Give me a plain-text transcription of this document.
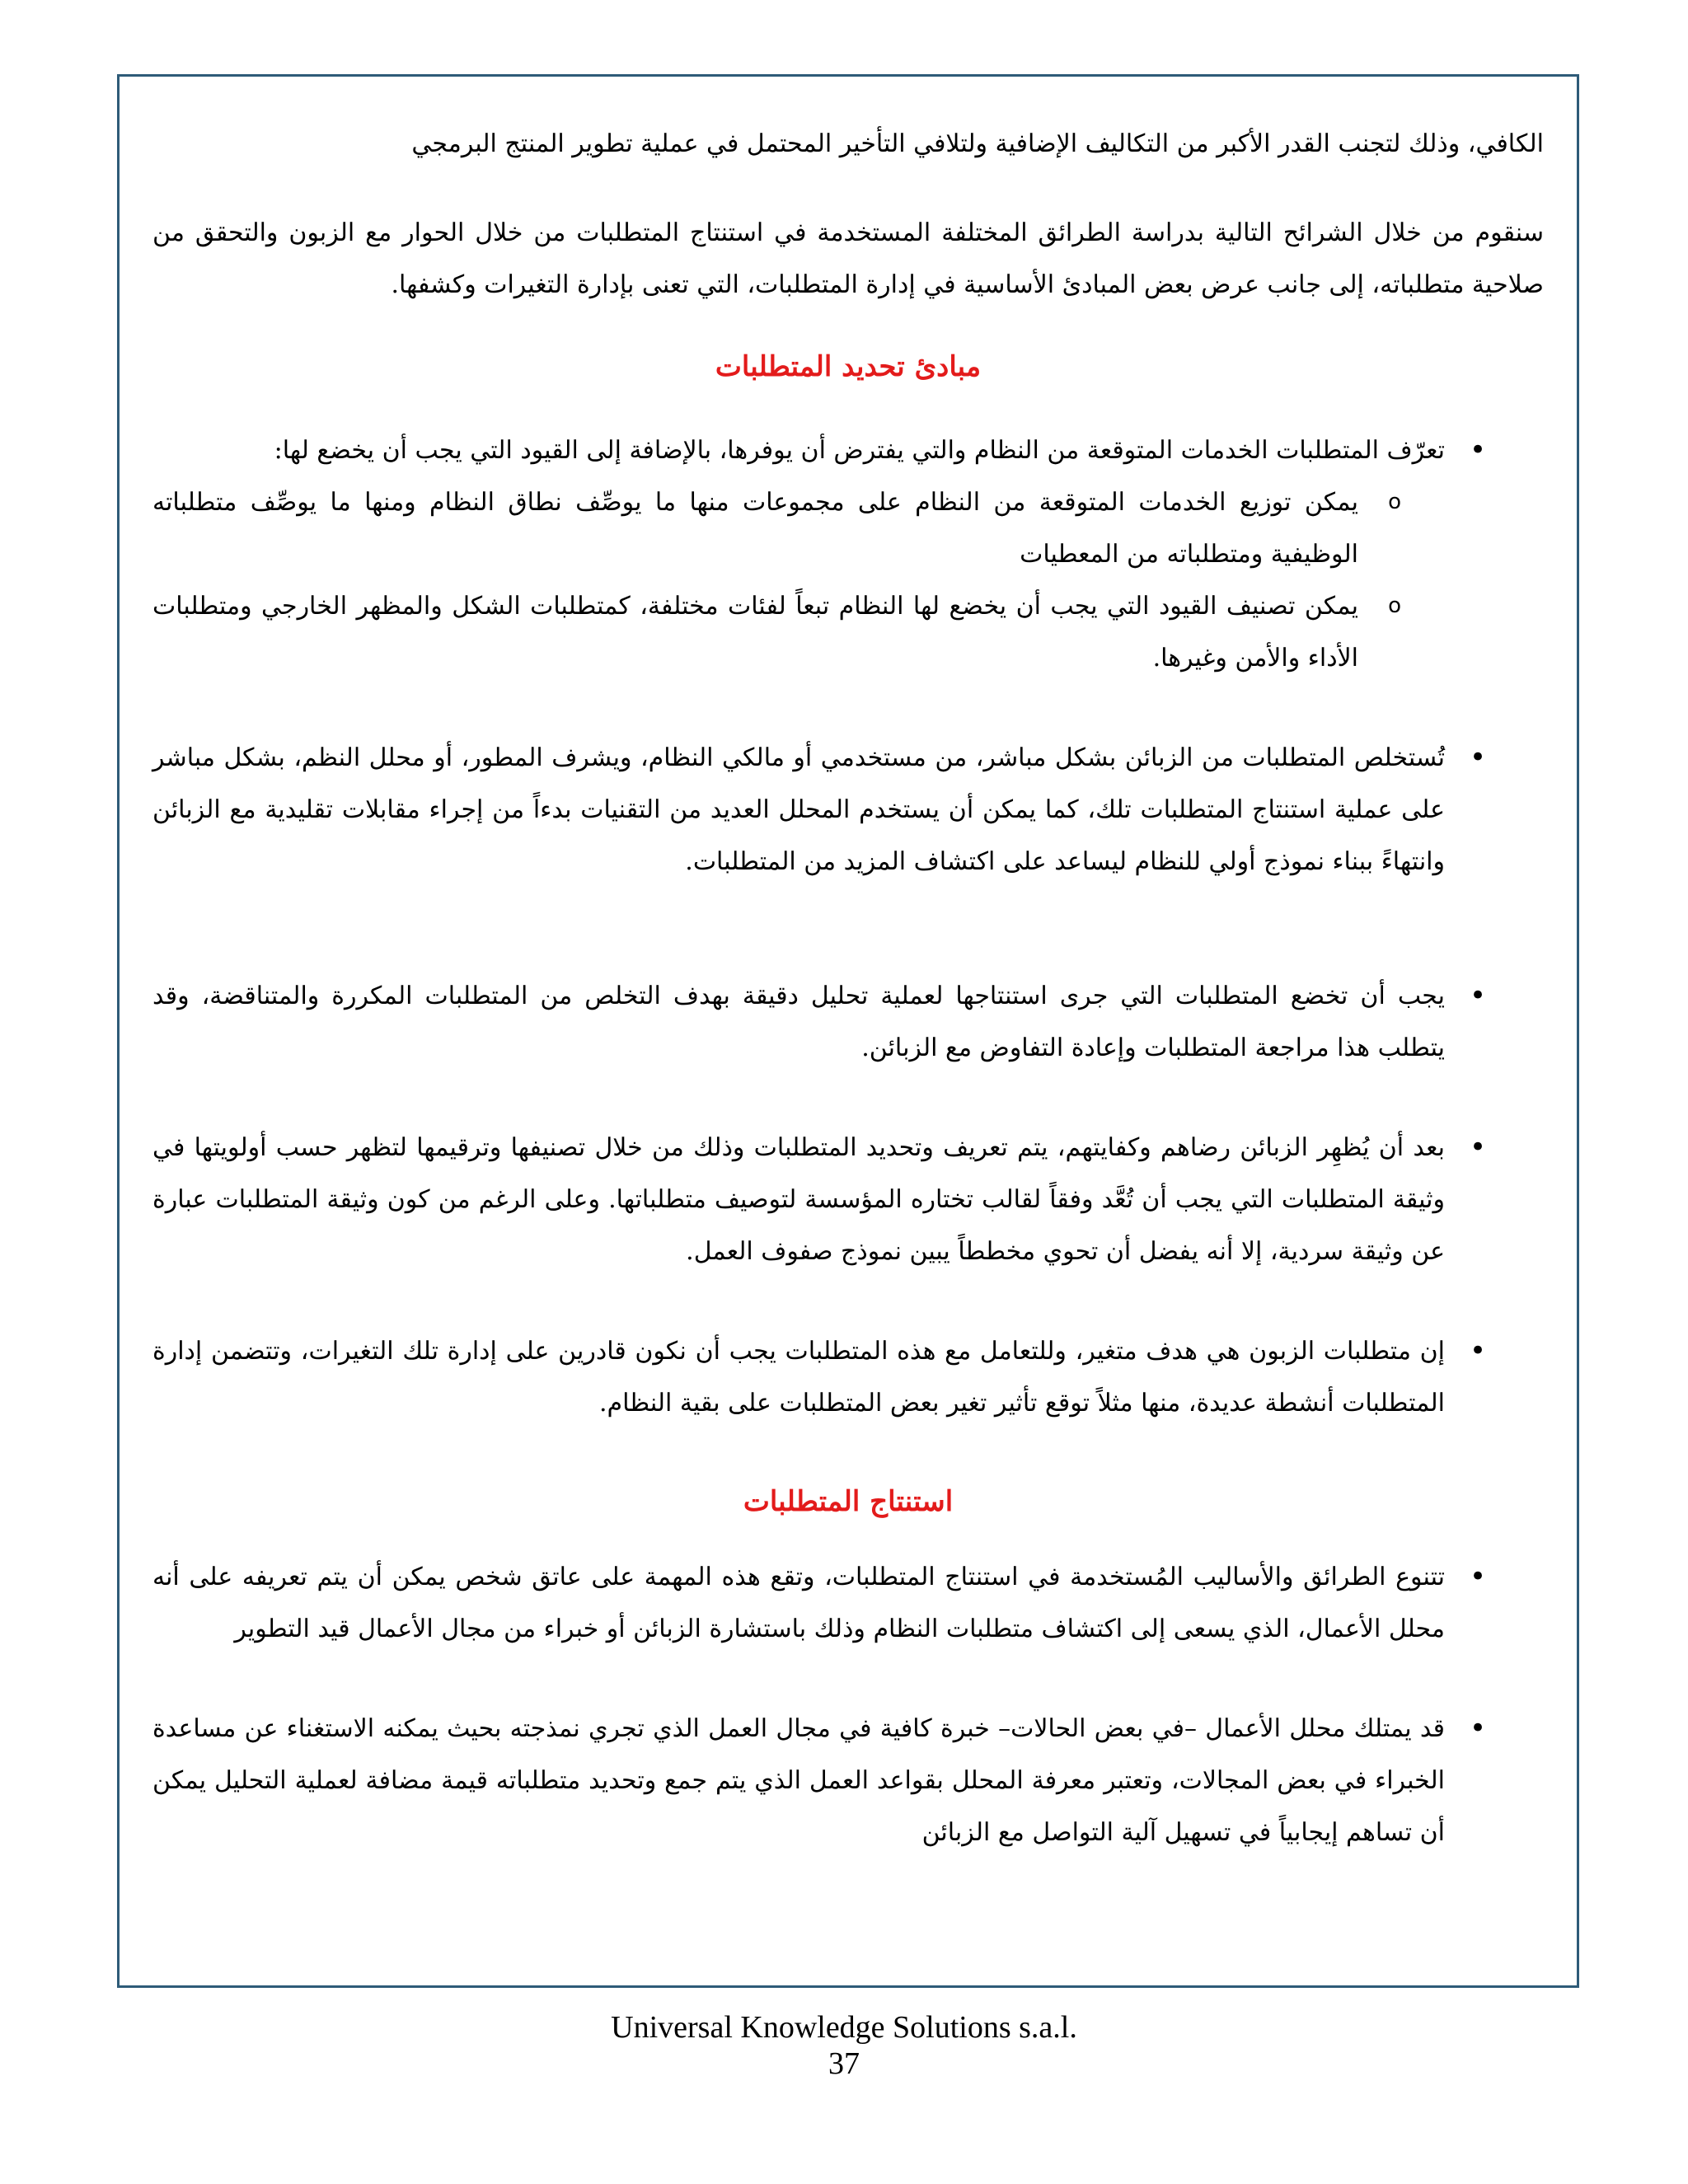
الكافي، وذلك لتجنب القدر الأكبر من التكاليف الإضافية ولتلافي التأخير المحتمل في عملية تطوير المنتج البرمجي

سنقوم من خلال الشرائح التالية بدراسة الطرائق المختلفة المستخدمة في استنتاج المتطلبات من خلال الحوار مع الزبون والتحقق من صلاحية متطلباته، إلى جانب عرض بعض المبادئ الأساسية في إدارة المتطلبات، التي تعنى بإدارة التغيرات وكشفها.

مبادئ تحديد المتطلبات
• تعرّف المتطلبات الخدمات المتوقعة من النظام والتي يفترض أن يوفرها، بالإضافة إلى القيود التي يجب أن يخضع لها:
o يمكن توزيع الخدمات المتوقعة من النظام على مجموعات منها ما يوصِّف نطاق النظام ومنها ما يوصِّف متطلباته الوظيفية ومتطلباته من المعطيات
o يمكن تصنيف القيود التي يجب أن يخضع لها النظام تبعاً لفئات مختلفة، كمتطلبات الشكل والمظهر الخارجي ومتطلبات الأداء والأمن وغيرها.
• تُستخلص المتطلبات من الزبائن بشكل مباشر، من مستخدمي أو مالكي النظام، ويشرف المطور، أو محلل النظم، بشكل مباشر على عملية استنتاج المتطلبات تلك، كما يمكن أن يستخدم المحلل العديد من التقنيات بدءاً من إجراء مقابلات تقليدية مع الزبائن وانتهاءً ببناء نموذج أولي للنظام ليساعد على اكتشاف المزيد من المتطلبات.
• يجب أن تخضع المتطلبات التي جرى استنتاجها لعملية تحليل دقيقة بهدف التخلص من المتطلبات المكررة والمتناقضة، وقد يتطلب هذا مراجعة المتطلبات وإعادة التفاوض مع الزبائن.
• بعد أن يُظهِر الزبائن رضاهم وكفايتهم، يتم تعريف وتحديد المتطلبات وذلك من خلال تصنيفها وترقيمها لتظهر حسب أولويتها في وثيقة المتطلبات التي يجب أن تُعَّد وفقاً لقالب تختاره المؤسسة لتوصيف متطلباتها. وعلى الرغم من كون وثيقة المتطلبات عبارة عن وثيقة سردية، إلا أنه يفضل أن تحوي مخططاً يبين نموذج صفوف العمل.
• إن متطلبات الزبون هي هدف متغير، وللتعامل مع هذه المتطلبات يجب أن نكون قادرين على إدارة تلك التغيرات، وتتضمن إدارة المتطلبات أنشطة عديدة، منها مثلاً توقع تأثير تغير بعض المتطلبات على بقية النظام.
استنتاج المتطلبات
• تتنوع الطرائق والأساليب المُستخدمة في استنتاج المتطلبات، وتقع هذه المهمة على عاتق شخص يمكن أن يتم تعريفه على أنه محلل الأعمال، الذي يسعى إلى اكتشاف متطلبات النظام وذلك باستشارة الزبائن أو خبراء من مجال الأعمال قيد التطوير
• قد يمتلك محلل الأعمال –في بعض الحالات– خبرة كافية في مجال العمل الذي تجري نمذجته بحيث يمكنه الاستغناء عن مساعدة الخبراء في بعض المجالات، وتعتبر معرفة المحلل بقواعد العمل الذي يتم جمع وتحديد متطلباته قيمة مضافة لعملية التحليل يمكن أن تساهم إيجابياً في تسهيل آلية التواصل مع الزبائن
Universal Knowledge Solutions s.a.l.
37
